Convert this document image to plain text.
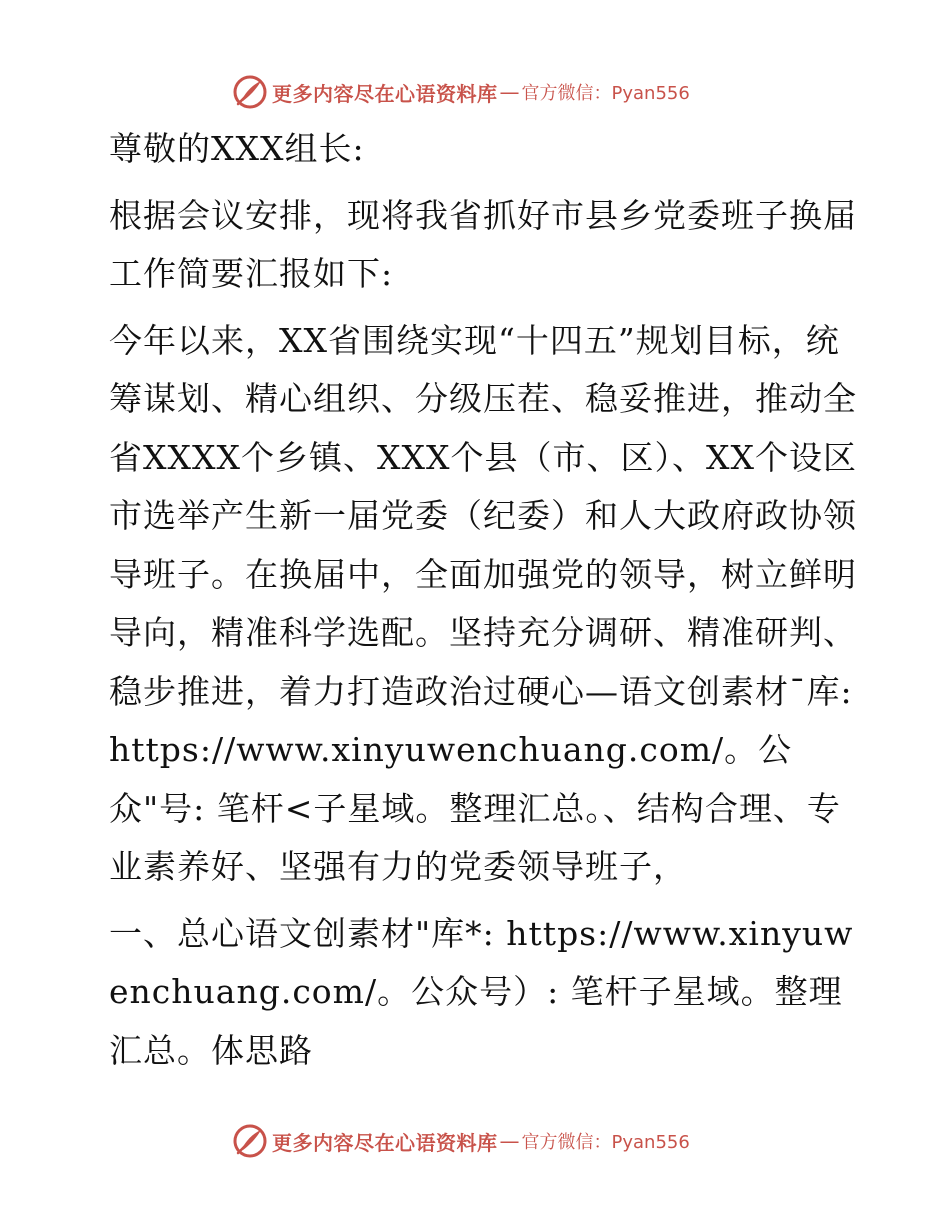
更多内容尽在心语资料库 — 官方微信：Pyan556

尊敬的XXX组长:

根据会议安排，现将我省抓好市县乡党委班子换届工作简要汇报如下:

今年以来，XX省围绕实现“十四五”规划目标，统筹谋划、精心组织、分级压茬、稳妥推进，推动全省XXXX个乡镇、XXX个县（市、区）、XX个设区市选举产生新一届党委（纪委）和人大政府政协领导班子。在换届中，全面加强党的领导，树立鲜明导向，精准科学选配。坚持充分调研、精准研判、稳步推进，着力打造政治过硬心—语文创素材¯库: https://www.xinyuwenchuang.com/。公众"号: 笔杆<子星域。整理汇总。、结构合理、专业素养好、坚强有力的党委领导班子，

一、总心语文创素材"库*: https://www.xinyuwenchuang.com/。公众号）: 笔杆子星域。整理汇总。体思路

更多内容尽在心语资料库 — 官方微信：Pyan556
